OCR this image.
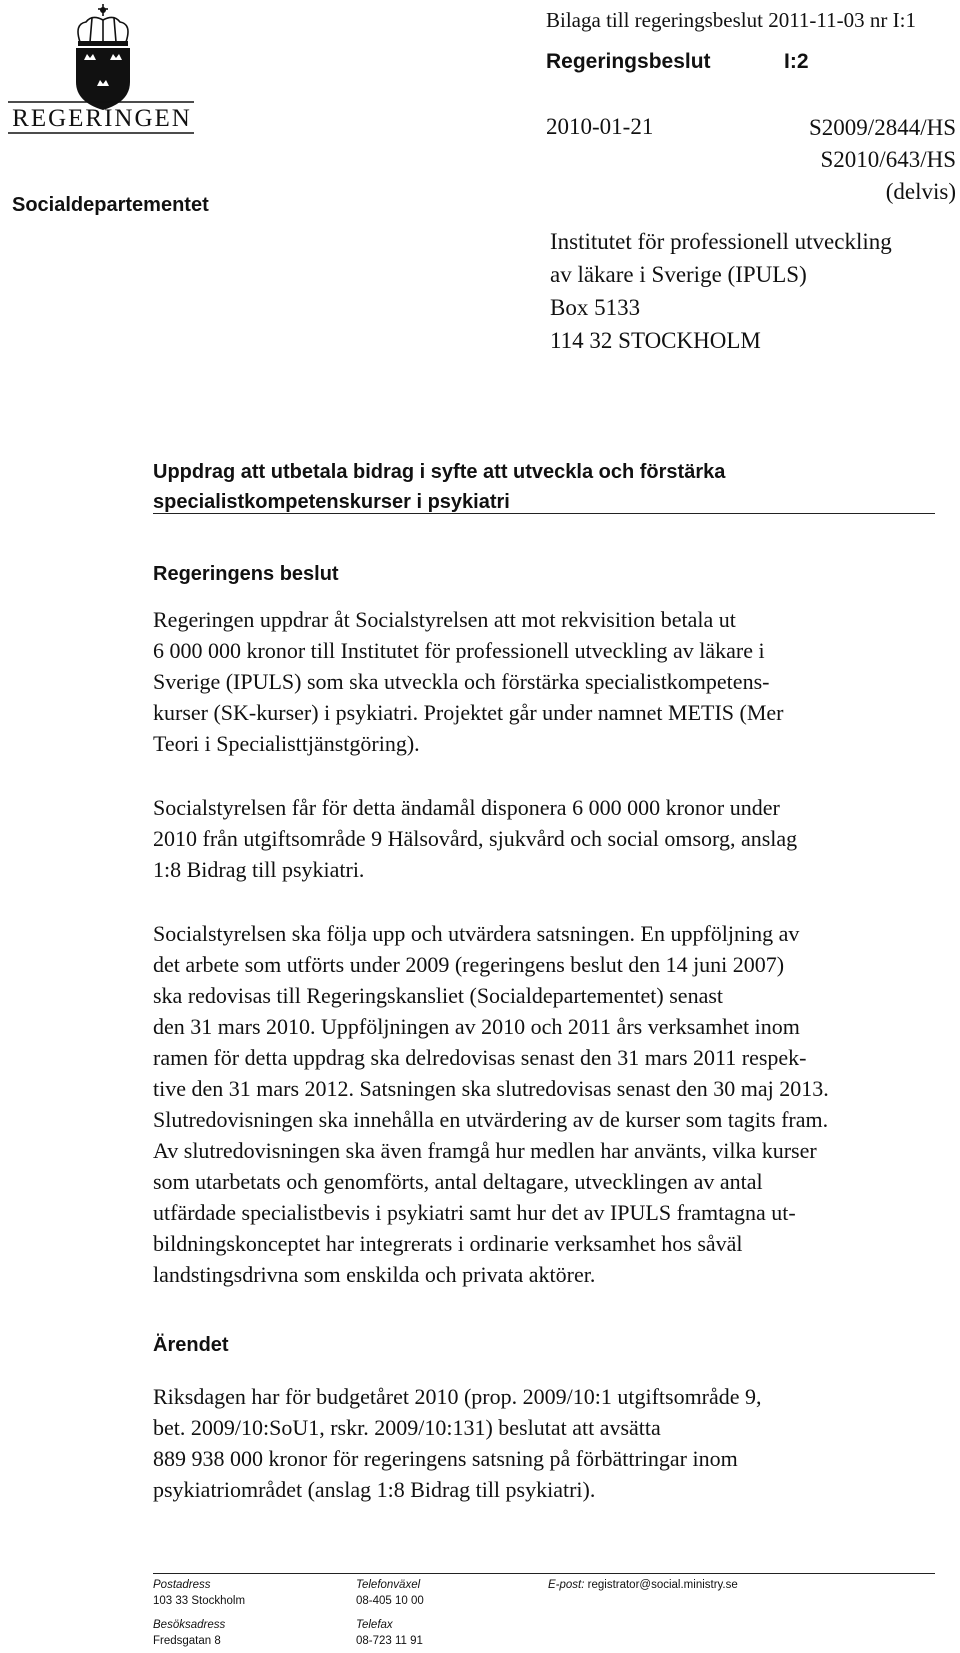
REGERINGEN
Socialdepartementet
Bilaga till regeringsbeslut 2011-11-03 nr I:1
Regeringsbeslut	I:2
2010-01-21	S2009/2844/HS
S2010/643/HS
(delvis)
Institutet för professionell utveckling
av läkare i Sverige (IPULS)
Box 5133
114 32 STOCKHOLM
Uppdrag att utbetala bidrag i syfte att utveckla och förstärka
specialistkompetenskurser i psykiatri
Regeringens beslut

Regeringen uppdrar åt Socialstyrelsen att mot rekvisition betala ut

6 000 000 kronor till Institutet för professionell utveckling av läkare i

Sverige (IPULS) som ska utveckla och förstärka specialistkompetens-

kurser (SK-kurser) i psykiatri. Projektet går under namnet METIS (Mer

Teori i Specialisttjänstgöring).

Socialstyrelsen får för detta ändamål disponera 6 000 000 kronor under

2010 från utgiftsområde 9 Hälsovård, sjukvård och social omsorg, anslag

1:8 Bidrag till psykiatri.

Socialstyrelsen ska följa upp och utvärdera satsningen. En uppföljning av

det arbete som utförts under 2009 (regeringens beslut den 14 juni 2007)

ska redovisas till Regeringskansliet (Socialdepartementet) senast

den 31 mars 2010. Uppföljningen av 2010 och 2011 års verksamhet inom

ramen för detta uppdrag ska delredovisas senast den 31 mars 2011 respek-

tive den 31 mars 2012. Satsningen ska slutredovisas senast den 30 maj 2013.

Slutredovisningen ska innehålla en utvärdering av de kurser som tagits fram.

Av slutredovisningen ska även framgå hur medlen har använts, vilka kurser

som utarbetats och genomförts, antal deltagare, utvecklingen av antal

utfärdade specialistbevis i psykiatri samt hur det av IPULS framtagna ut-

bildningskonceptet har integrerats i ordinarie verksamhet hos såväl

landstingsdrivna som enskilda och privata aktörer.

Ärendet

Riksdagen har för budgetåret 2010 (prop. 2009/10:1 utgiftsområde 9,

bet. 2009/10:SoU1, rskr. 2009/10:131) beslutat att avsätta

889 938 000 kronor för regeringens satsning på förbättringar inom

psykiatriområdet (anslag 1:8 Bidrag till psykiatri).

Postadress
103 33 Stockholm
Besöksadress
Fredsgatan 8
Telefonväxel
08-405 10 00
Telefax
08-723 11 91
E-post: registrator@social.ministry.se
